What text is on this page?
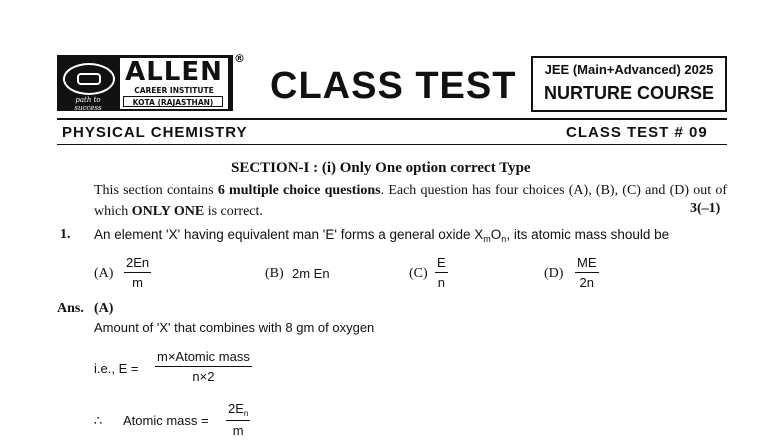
path to success
ALLEN
CAREER INSTITUTE
KOTA (RAJASTHAN)
®
CLASS TEST	JEE (Main+Advanced) 2025
NURTURE COURSE
PHYSICAL CHEMISTRY	CLASS TEST # 09
SECTION-I : (i) Only One option correct Type
This section contains 6 multiple choice questions. Each question has four choices (A), (B), (C) and (D) out of which ONLY ONE is correct.	3(–1)
1. An element 'X' having equivalent man 'E' forms a general oxide $X_mO_n$, its atomic mass should be
$(A) \frac{2En}{m}$	(B) 2m En	$(C) \frac{E}{n}$	$(D) \frac{ME}{2n}$
Ans. (A)
Amount of 'X' that combines with 8 gm of oxygen
i.e., E =
m×Atomic mass
n×2
∴ Atomic mass = $\frac{2E_n}{m}$
